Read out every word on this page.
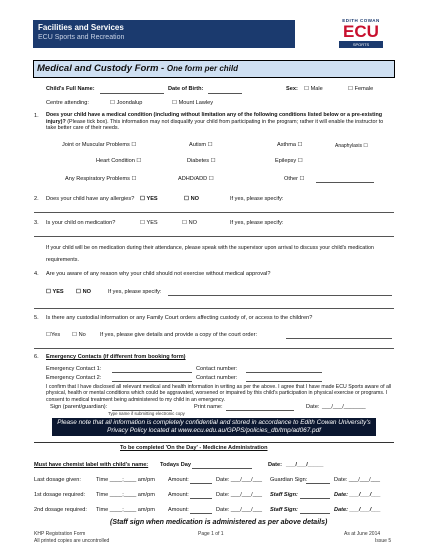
Facilities and Services
ECU Sports and Recreation
EDITH COWAN
ECU
SPORTS
Medical and Custody Form - One form per child
Child's Full Name:	Date of Birth:	Sex: ☐ Male	☐ Female
Centre attending:	☐ Joondalup	☐ Mount Lawley
1. Does your child have a medical condition (including without limitation any of the following conditions listed below or a pre-existing injury)? (Please tick box). This information may not disqualify your child from participating in the program; rather it will enable the instructor to take better care of their needs.
Joint or Muscular Problems ☐	Autism ☐	Asthma ☐	Anaphylaxis ☐
Heart Condition ☐	Diabetes ☐	Epilepsy ☐
Any Respiratory Problems ☐	ADHD/ADD ☐	Other ☐
2. Does your child have any allergies? ☐ YES	☐ NO	If yes, please specify:
3. Is your child on medication?	☐ YES	☐ NO	If yes, please specify:
If your child will be on medication during their attendance, please speak with the supervisor upon arrival to discuss your child's medication requirements.
4. Are you aware of any reason why your child should not exercise without medical approval?
☐ YES ☐ NO	If yes, please specify:
5. Is there any custodial information or any Family Court orders affecting custody of, or access to the children?
☐Yes ☐ No	If yes, please give details and provide a copy of the court order:
6. Emergency Contacts (if different from booking form)
Emergency Contact 1:	Contact number:
Emergency Contact 2:	Contact number:
I confirm that I have disclosed all relevant medical and health information in writing as per the above. I agree that I have made ECU Sports aware of all physical, health or mental conditions which could be aggravated, worsened or impaired by this child's participation in physical exercise or programs. I consent to medical treatment being administered to my child in an emergency.
Sign (parent/guardian):	Print name:	Date: ___/___/_______
Type name if submitting electronic copy
Please note that all information is completely confidential and stored in accordance to Edith Cowan University's Privacy Policy located at www.ecu.edu.au/GPPS/policies_db/tmp/ad067.pdf
To be completed 'On the Day' - Medicine Administration
Must have chemist label with child's name: Todays Day	Date: ___/___/_____
Last dosage given:	Time ____:____ am/pm Amount:	Date: ___/___/___ Guardian Sign:	Date: ___/___/___
1st dosage required: Time ____:____ am/pm Amount:	Date: ___/___/___ Staff Sign:	Date: ___/___/___
2nd dosage required: Time ____:____ am/pm Amount:	Date: ___/___/___ Staff Sign:	Date: ___/___/___
(Staff sign when medication is administered as per above details)
KHP Registration Form
All printed copies are uncontrolled
Page 1 of 1	As at June 2014
Issue 5
